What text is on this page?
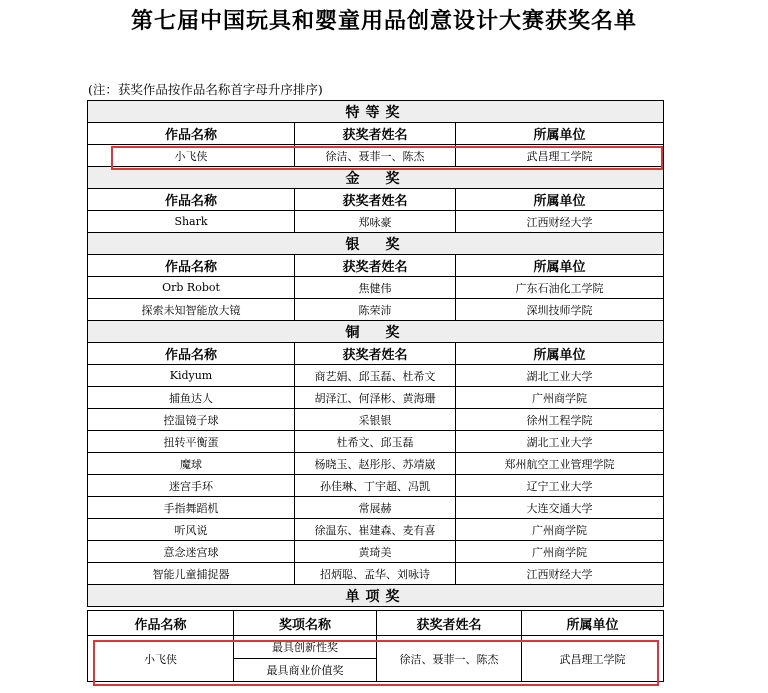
第七届中国玩具和婴童用品创意设计大赛获奖名单
(注：获奖作品按作品名称首字母升序排序)
特等奖		
作品名称	获奖者姓名	所属单位
小飞侠	徐洁、聂菲一、陈杰	武昌理工学院
金　奖		
作品名称	获奖者姓名	所属单位
Shark	郑咏豪	江西财经大学
银　奖		
作品名称	获奖者姓名	所属单位
Orb Robot	焦健伟	广东石油化工学院
探索未知智能放大镜	陈荣沛	深圳技师学院
铜　奖		
作品名称	获奖者姓名	所属单位
Kidyum	商艺娟、邱玉磊、杜希文	湖北工业大学
捕鱼达人	胡泽江、何泽彬、黄海珊	广州商学院
控温镜子球	采银银	徐州工程学院
扭转平衡蛋	杜希文、邱玉磊	湖北工业大学
魔球	杨晓玉、赵彤彤、苏靖崴	郑州航空工业管理学院
迷宫手环	孙佳琳、丁宇超、冯凯	辽宁工业大学
手指舞蹈机	常展赫	大连交通大学
听风说	徐温东、崔建森、麦有喜	广州商学院
意念迷宫球	黄琦美	广州商学院
智能儿童捕捉器	招炳聪、孟华、刘咏诗	江西财经大学
单项奖		
作品名称	奖项名称	获奖者姓名	所属单位
小飞侠	最具创新性奖	徐洁、聂菲一、陈杰	武昌理工学院
	最具商业价值奖		
